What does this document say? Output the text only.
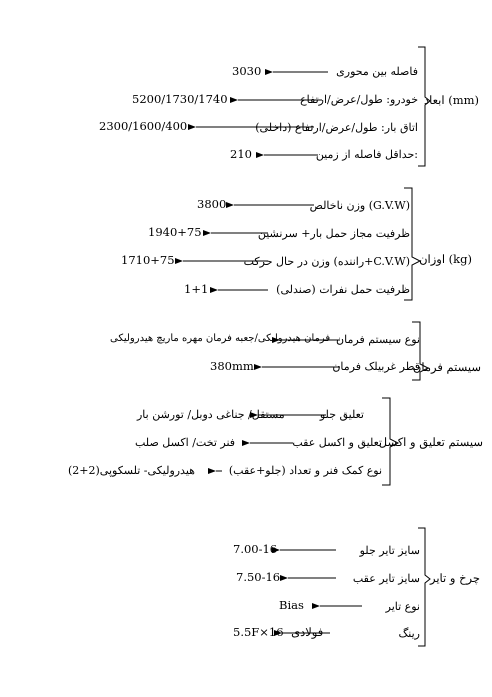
ابعاد (mm)
فاصله بین محوری
3030
خودرو: طول/عرض/ارتفاع
5200/1730/1740
اتاق بار: طول/عرض/ارتفاع (داخلی)
2300/1600/400
حداقل فاصله از زمین:
210
اوزان (kg)
وزن ناخالص (G.V.W)
3800
ظرفیت مجاز حمل بار+ سرنشین
1940+75
وزن در حال حرکت (راننده+C.V.W)
1710+75
ظرفیت حمل نفرات (صندلی)
1+1
سیستم فرمان
نوع سیستم فرمان
فرمان هیدرولیکی/جعبه فرمان مهره ماریچ هیدرولیکی
قطر غربیلک فرمان
380mm
سیستم تعلیق و اکسل
تعلیق جلو
مستقل/ جناغی دوبل/ تورشن بار
تعلیق و اکسل عقب
فنر تخت/ اکسل صلب
نوع کمک فنر و تعداد (جلو+عقب)
هیدرولیکی- تلسکوپی(2+2)
چرخ و تایر
سایز تایر جلو
7.00-16
سایز تایر عقب
7.50-16
نوع تایر
Bias
رینگ
5.5F×16- فولادی
